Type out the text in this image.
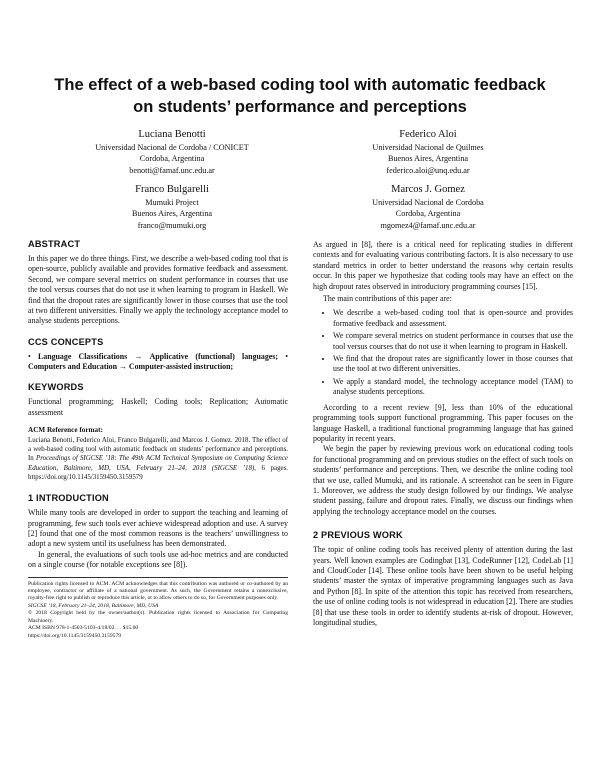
The effect of a web-based coding tool with automatic feedback
on students’ performance and perceptions
Luciana Benotti
Universidad Nacional de Cordoba / CONICET
Cordoba, Argentina
benotti@famaf.unc.edu.ar
Federico Aloi
Universidad Nacional de Quilmes
Buenos Aires, Argentina
federico.aloi@unq.edu.ar
Franco Bulgarelli
Mumuki Project
Buenos Aires, Argentina
franco@mumuki.org
Marcos J. Gomez
Universidad Nacional de Cordoba
Cordoba, Argentina
mgomez4@famaf.unc.edu.ar
ABSTRACT

In this paper we do three things. First, we describe a web-based coding tool that is open-source, publicly available and provides formative feedback and assessment. Second, we compare several metrics on student performance in courses that use the tool versus courses that do not use it when learning to program in Haskell. We find that the dropout rates are significantly lower in those courses that use the tool at two different universities. Finally we apply the technology acceptance model to analyse students perceptions.

CCS CONCEPTS
• Language Classifications → Applicative (functional) languages; • Computers and Education → Computer-assisted instruction;
KEYWORDS

Functional programming; Haskell; Coding tools; Replication; Automatic assessment

ACM Reference format:
Luciana Benotti, Federico Aloi, Franco Bulgarelli, and Marcos J. Gomez. 2018. The effect of a web-based coding tool with automatic feedback on students’ performance and perceptions. In Proceedings of SIGCSE ’18: The 49th ACM Technical Symposium on Computing Science Education, Baltimore, MD, USA, February 21–24, 2018 (SIGCSE ’18), 6 pages. https://doi.org/10.1145/3159450.3159579
1 INTRODUCTION

While many tools are developed in order to support the teaching and learning of programming, few such tools ever achieve widespread adoption and use. A survey [2] found that one of the most common reasons is the teachers’ unwillingness to adopt a new system until its usefulness has been demonstrated.

In general, the evaluations of such tools use ad-hoc metrics and are conducted on a single course (for notable exceptions see [8]).

Publication rights licensed to ACM. ACM acknowledges that this contribution was authored or co-authored by an employee, contractor or affiliate of a national government. As such, the Government retains a nonexclusive, royalty-free right to publish or reproduce this article, or to allow others to do so, for Government purposes only.
SIGCSE ’18, February 21–24, 2018, Baltimore, MD, USA
© 2018 Copyright held by the owner/author(s). Publication rights licensed to Association for Computing Machinery.
ACM ISBN 978-1-4503-5103-4/18/02. . . $15.00
https://doi.org/10.1145/3159450.3159579

As argued in [8], there is a critical need for replicating studies in different contexts and for evaluating various contributing factors. It is also necessary to use standard metrics in order to better understand the reasons why certain results occur. In this paper we hypothesize that coding tools may have an effect on the high dropout rates observed in introductory programming courses [15].

The main contributions of this paper are:

• We describe a web-based coding tool that is open-source and provides formative feedback and assessment.
• We compare several metrics on student performance in courses that use the tool versus courses that do not use it when learning to program in Haskell.
• We find that the dropout rates are significantly lower in those courses that use the tool at two different universities.
• We apply a standard model, the technology acceptance model (TAM) to analyse students perceptions.

According to a recent review [9], less than 10% of the educational programming tools support functional programming. This paper focuses on the language Haskell, a traditional functional programming language that has gained popularity in recent years.

We begin the paper by reviewing previous work on educational coding tools for functional programming and on previous studies on the effect of such tools on students’ performance and perceptions. Then, we describe the online coding tool that we use, called Mumuki, and its rationale. A screenshot can be seen in Figure 1. Moreover, we address the study design followed by our findings. We analyse student passing, failure and dropout rates. Finally, we discuss our findings when applying the technology acceptance model on the courses.

2 PREVIOUS WORK

The topic of online coding tools has received plenty of attention during the last years. Well known examples are Codingbat [13], CodeRunner [12], CodeLab [1] and CloudCoder [14]. These online tools have been shown to be useful helping students’ master the syntax of imperative programming languages such as Java and Python [8]. In spite of the attention this topic has received from researchers, the use of online coding tools is not widespread in education [2]. There are studies [8] that use these tools in order to identify students at-risk of dropout. However, longitudinal studies,
